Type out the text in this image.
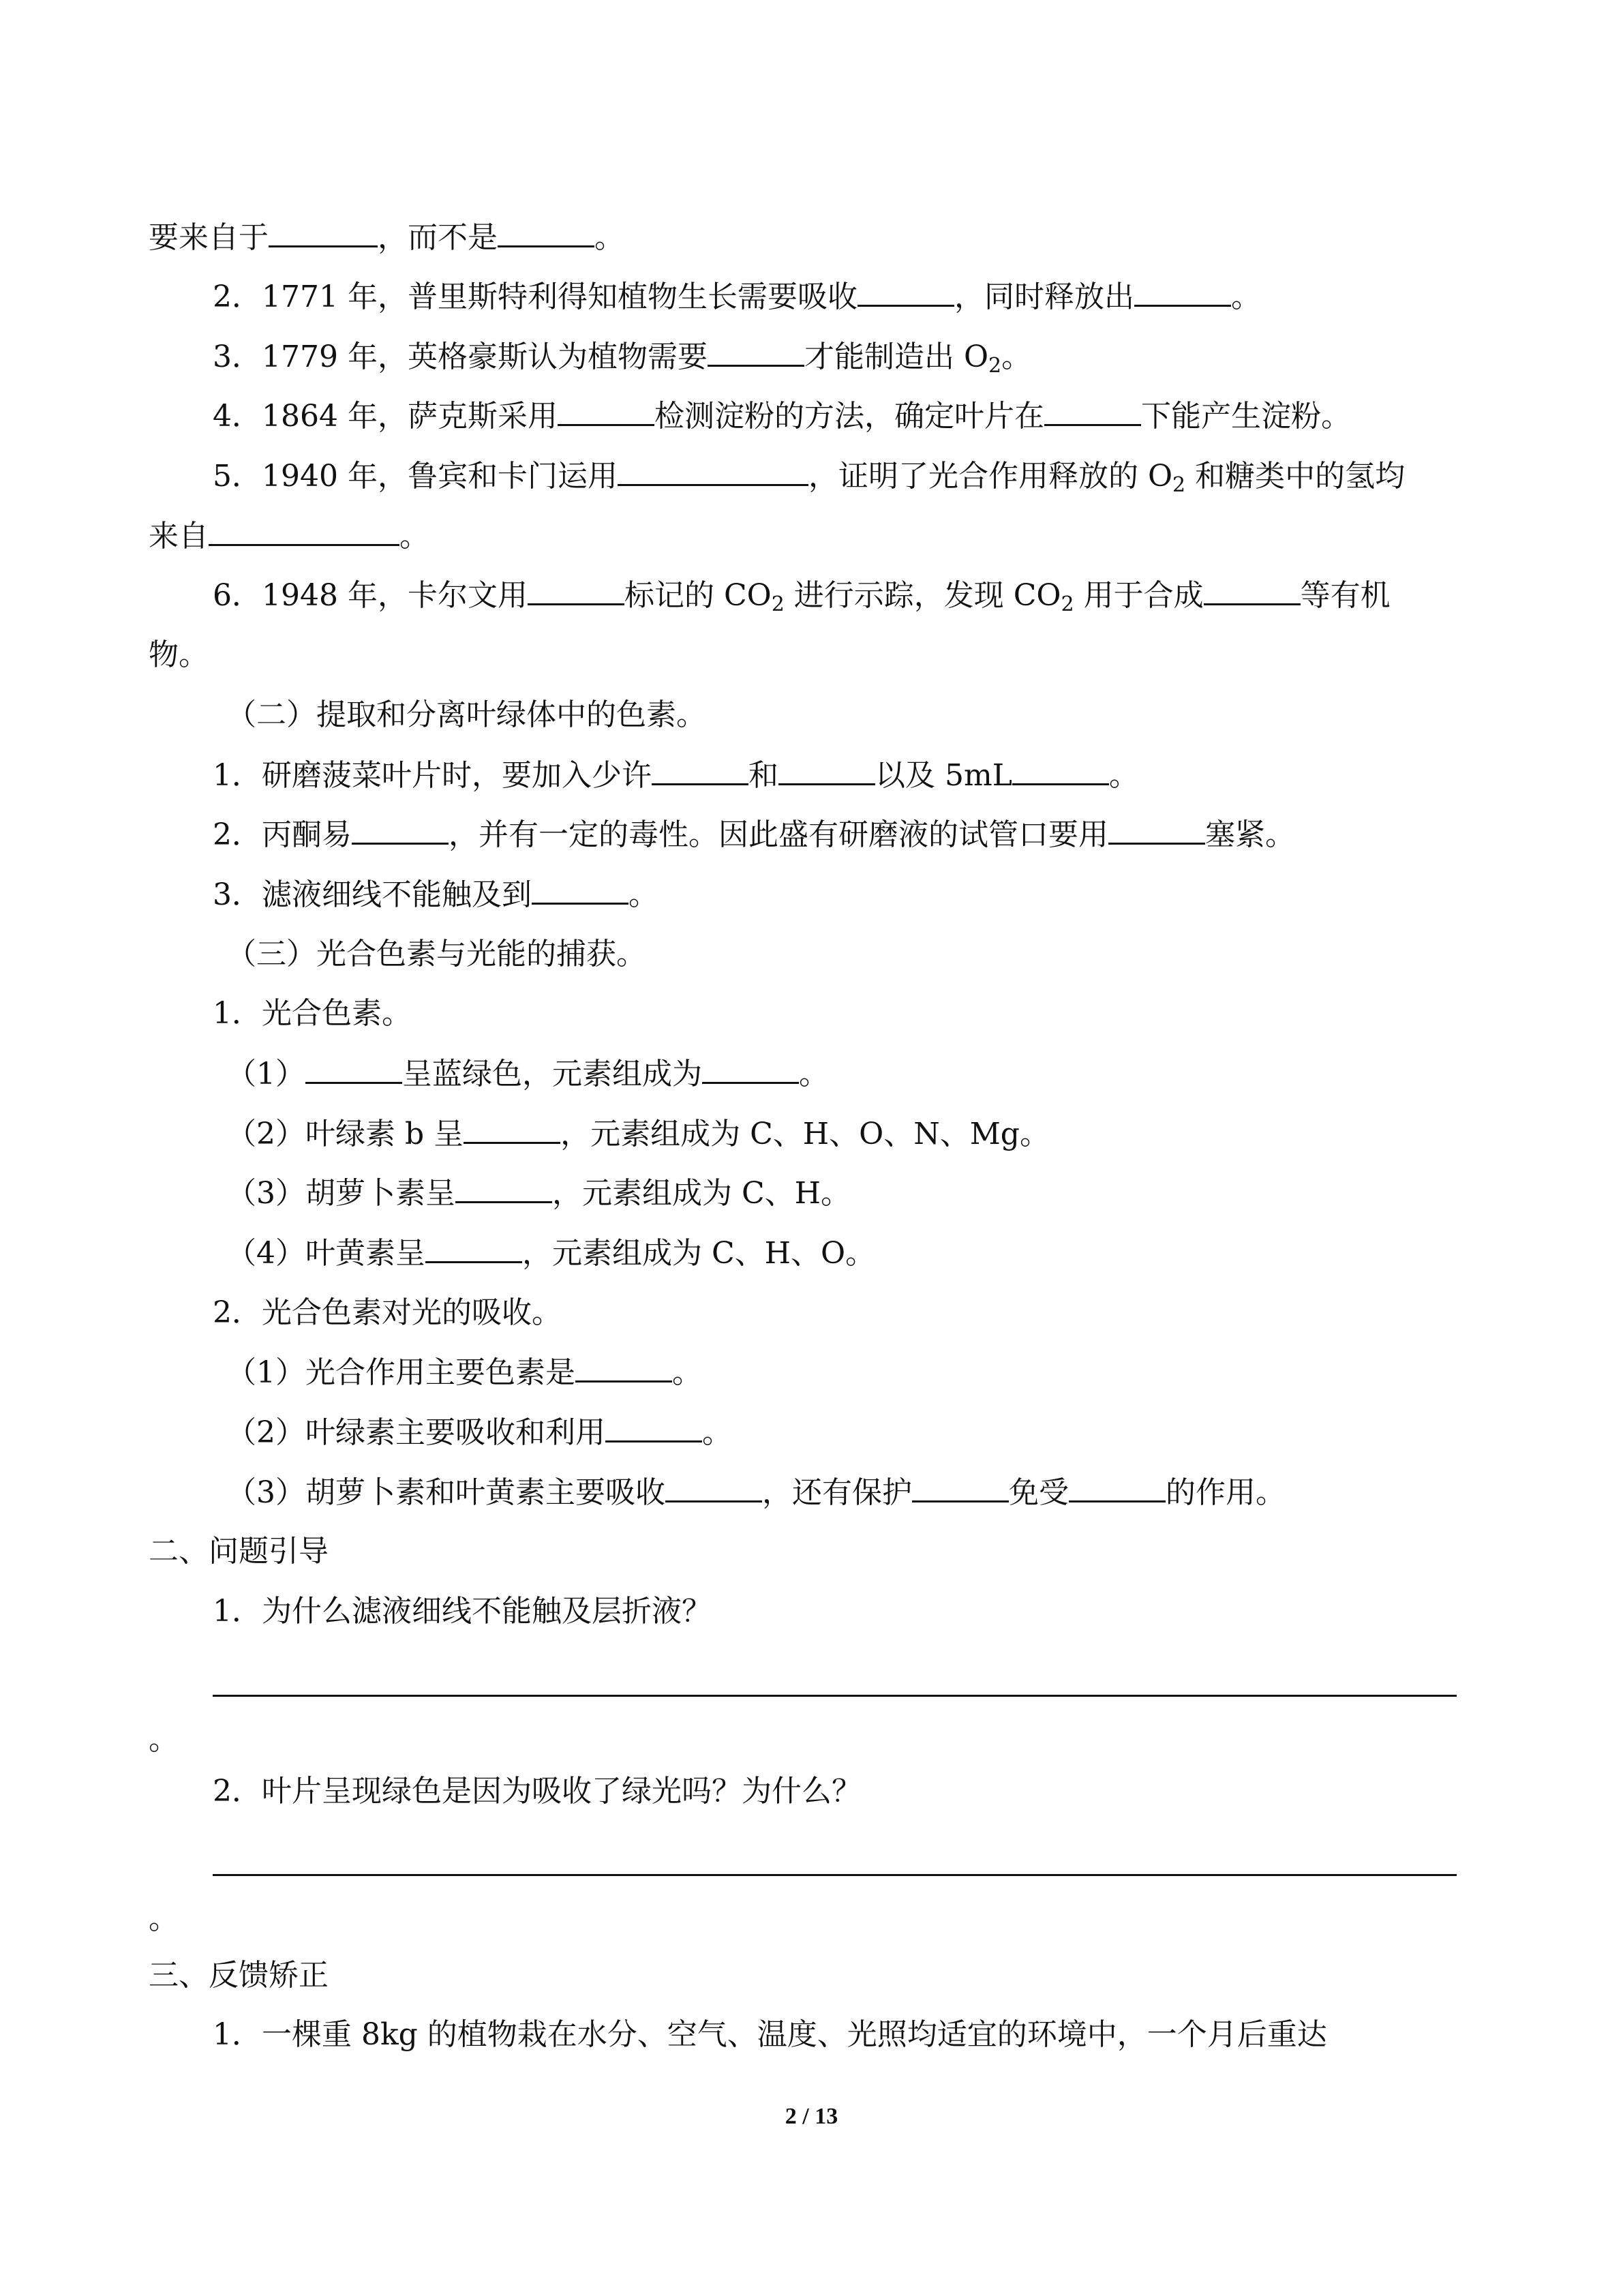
要来自于	，而不是	。
2．1771 年，普里斯特利得知植物生长需要吸收	，同时释放出	。
3．1779 年，英格豪斯认为植物需要	才能制造出 $O_2$。
4．1864 年，萨克斯采用	检测淀粉的方法，确定叶片在	下能产生淀粉。
5．1940 年，鲁宾和卡门运用	，证明了光合作用释放的 $O_2$ 和糖类中的氢均
来自	。
6．1948 年，卡尔文用	标记的 $CO_2$ 进行示踪，发现 $CO_2$ 用于合成	等有机
物。
（二）提取和分离叶绿体中的色素。
1．研磨菠菜叶片时，要加入少许	和	以及 5mL	。
2．丙酮易	，并有一定的毒性。因此盛有研磨液的试管口要用	塞紧。
3．滤液细线不能触及到	。
（三）光合色素与光能的捕获。
1．光合色素。
（1）	呈蓝绿色，元素组成为	。
（2）叶绿素 b 呈	，元素组成为 C、H、O、N、Mg。
（3）胡萝卜素呈	，元素组成为 C、H。
（4）叶黄素呈	，元素组成为 C、H、O。
2．光合色素对光的吸收。
（1）光合作用主要色素是	。
（2）叶绿素主要吸收和利用	。
（3）胡萝卜素和叶黄素主要吸收	，还有保护	免受	的作用。
二、问题引导
1．为什么滤液细线不能触及层折液？
。
2．叶片呈现绿色是因为吸收了绿光吗？为什么？
。
三、反馈矫正
1．一棵重 8kg 的植物栽在水分、空气、温度、光照均适宜的环境中，一个月后重达
2 / 13
